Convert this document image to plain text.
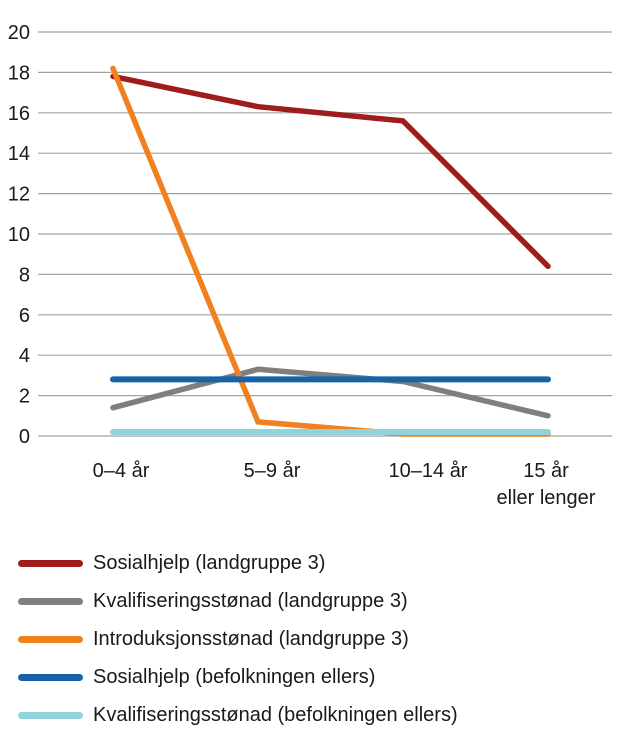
0
2
4
6
8
10
12
14
16
18
20
0–4 år	5–9 år	10–14 år	15 år eller lenger
Sosialhjelp (landgruppe 3)
Kvalifiseringsstønad (landgruppe 3)
Introduksjonsstønad (landgruppe 3)
Sosialhjelp (befolkningen ellers)
Kvalifiseringsstønad (befolkningen ellers)
